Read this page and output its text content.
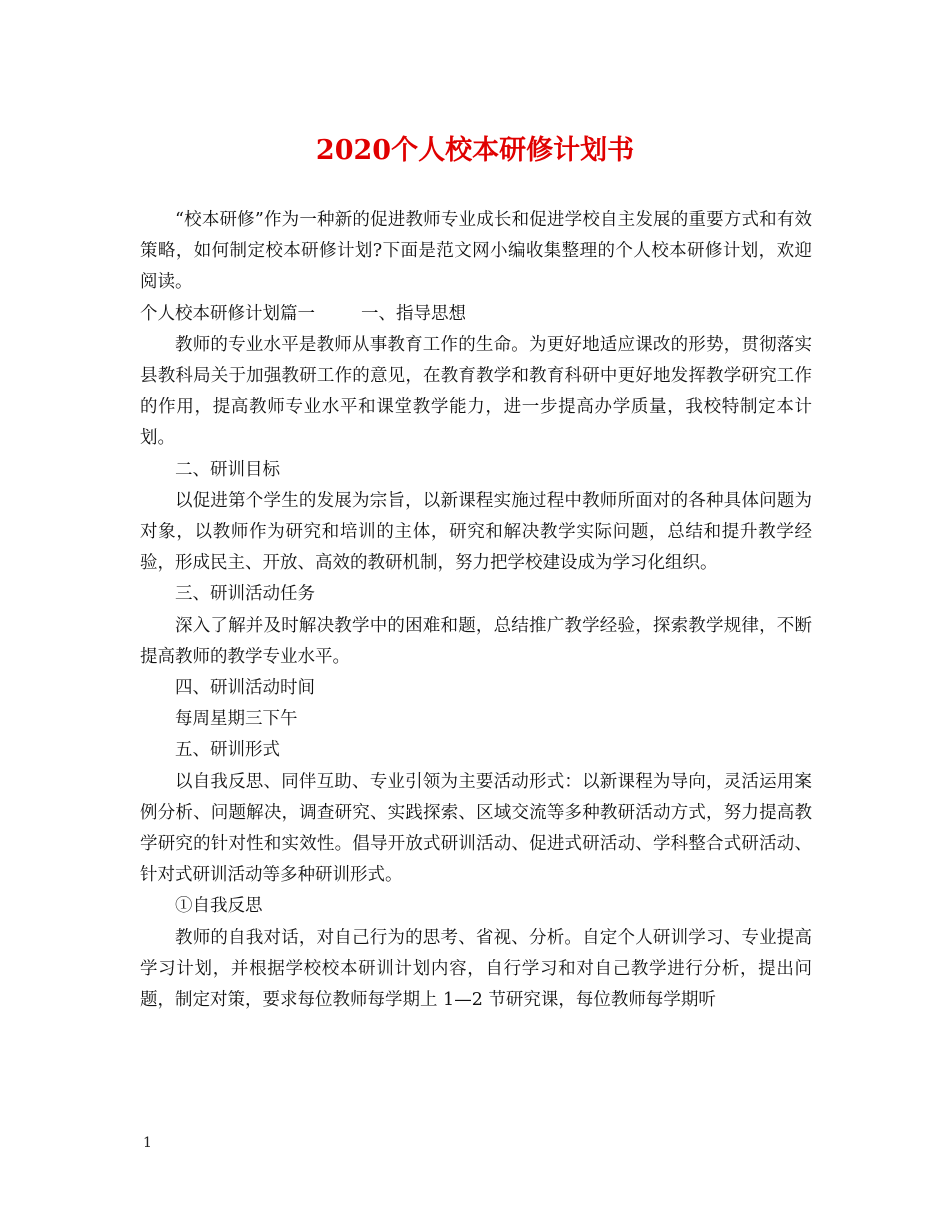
2020个人校本研修计划书

“校本研修”作为一种新的促进教师专业成长和促进学校自主发展的重要方式和有效策略，如何制定校本研修计划?下面是范文网小编收集整理的个人校本研修计划，欢迎阅读。

个人校本研修计划篇一	一、指导思想

教师的专业水平是教师从事教育工作的生命。为更好地适应课改的形势，贯彻落实县教科局关于加强教研工作的意见，在教育教学和教育科研中更好地发挥教学研究工作的作用，提高教师专业水平和课堂教学能力，进一步提高办学质量，我校特制定本计划。

二、研训目标

以促进第个学生的发展为宗旨，以新课程实施过程中教师所面对的各种具体问题为对象，以教师作为研究和培训的主体，研究和解决教学实际问题，总结和提升教学经验，形成民主、开放、高效的教研机制，努力把学校建设成为学习化组织。

三、研训活动任务

深入了解并及时解决教学中的困难和题，总结推广教学经验，探索教学规律，不断提高教师的教学专业水平。

四、研训活动时间

每周星期三下午

五、研训形式

以自我反思、同伴互助、专业引领为主要活动形式：以新课程为导向，灵活运用案例分析、问题解决，调查研究、实践探索、区域交流等多种教研活动方式，努力提高教学研究的针对性和实效性。倡导开放式研训活动、促进式研活动、学科整合式研活动、针对式研训活动等多种研训形式。

①自我反思

教师的自我对话，对自己行为的思考、省视、分析。自定个人研训学习、专业提高学习计划，并根据学校校本研训计划内容，自行学习和对自己教学进行分析，提出问题，制定对策，要求每位教师每学期上 1—2 节研究课，每位教师每学期听

1
